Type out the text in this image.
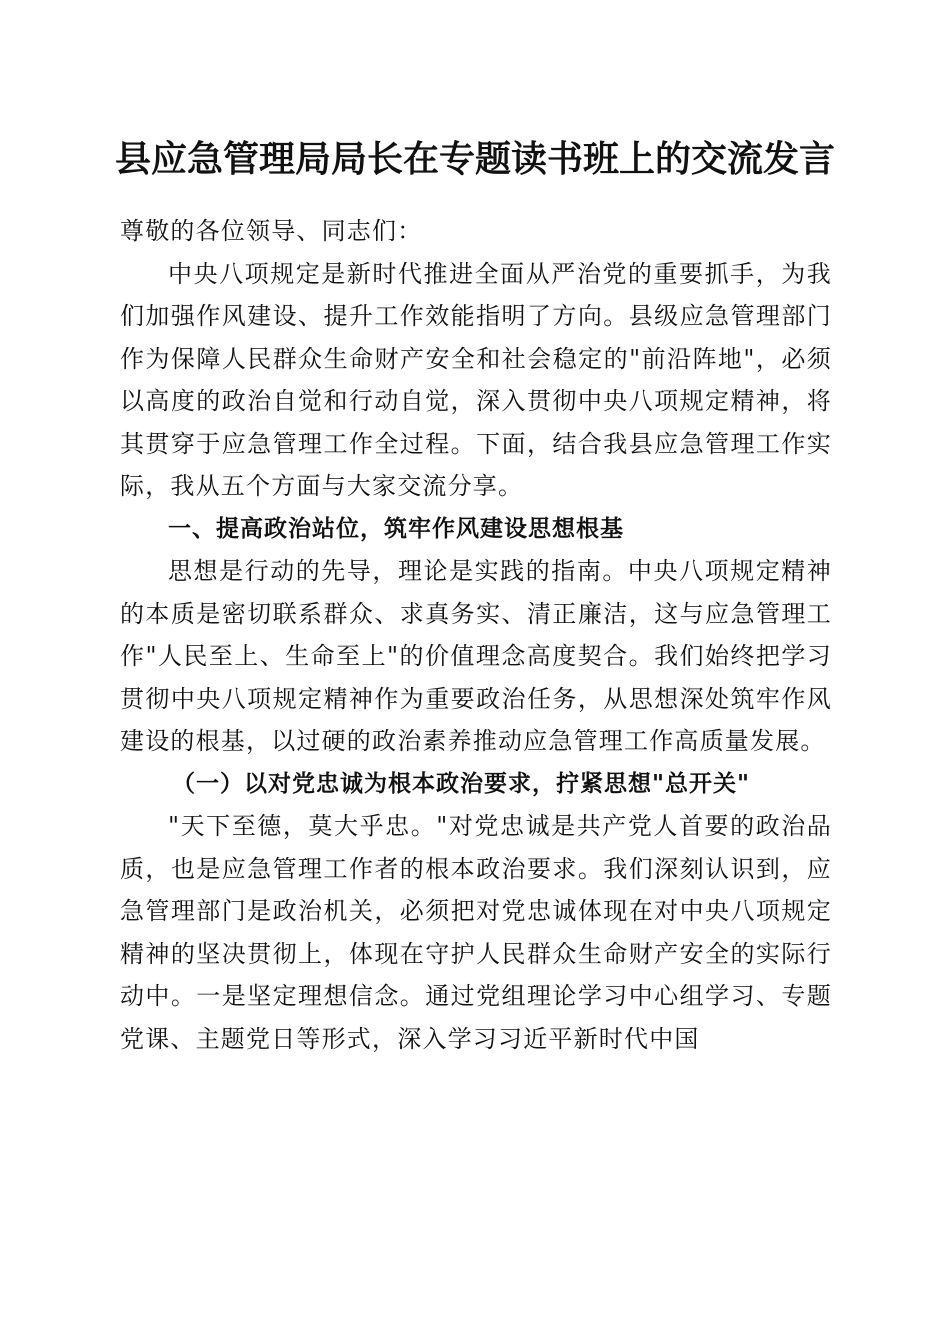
县应急管理局局长在专题读书班上的交流发言

尊敬的各位领导、同志们：

中央八项规定是新时代推进全面从严治党的重要抓手，为我们加强作风建设、提升工作效能指明了方向。县级应急管理部门作为保障人民群众生命财产安全和社会稳定的"前沿阵地"，必须以高度的政治自觉和行动自觉，深入贯彻中央八项规定精神，将其贯穿于应急管理工作全过程。下面，结合我县应急管理工作实际，我从五个方面与大家交流分享。

一、提高政治站位，筑牢作风建设思想根基

思想是行动的先导，理论是实践的指南。中央八项规定精神的本质是密切联系群众、求真务实、清正廉洁，这与应急管理工作"人民至上、生命至上"的价值理念高度契合。我们始终把学习贯彻中央八项规定精神作为重要政治任务，从思想深处筑牢作风建设的根基，以过硬的政治素养推动应急管理工作高质量发展。

（一）以对党忠诚为根本政治要求，拧紧思想"总开关"

"天下至德，莫大乎忠。"对党忠诚是共产党人首要的政治品质，也是应急管理工作者的根本政治要求。我们深刻认识到，应急管理部门是政治机关，必须把对党忠诚体现在对中央八项规定精神的坚决贯彻上，体现在守护人民群众生命财产安全的实际行动中。一是坚定理想信念。通过党组理论学习中心组学习、专题党课、主题党日等形式，深入学习习近平新时代中国
